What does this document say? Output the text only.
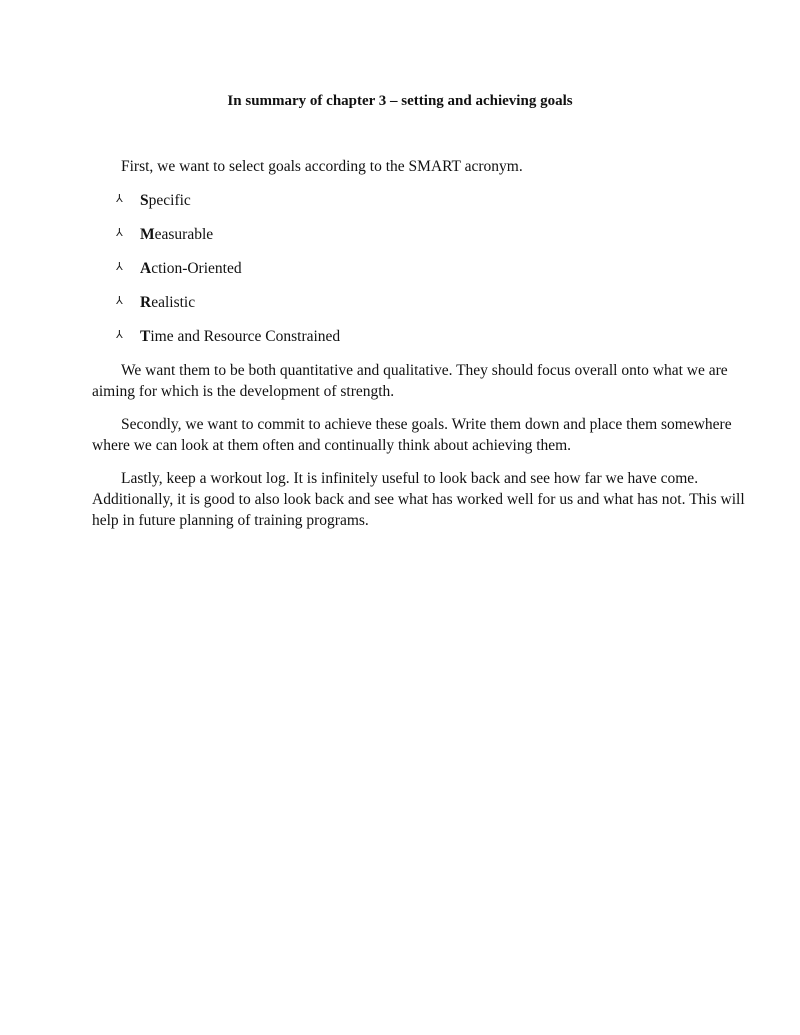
In summary of chapter 3 – setting and achieving goals

First, we want to select goals according to the SMART acronym.

⅄	Specific
⅄	Measurable
⅄	Action-Oriented
⅄	Realistic
⅄	Time and Resource Constrained

We want them to be both quantitative and qualitative. They should focus overall onto what we are aiming for which is the development of strength.

Secondly, we want to commit to achieve these goals. Write them down and place them somewhere where we can look at them often and continually think about achieving them.

Lastly, keep a workout log. It is infinitely useful to look back and see how far we have come. Additionally, it is good to also look back and see what has worked well for us and what has not. This will help in future planning of training programs.
